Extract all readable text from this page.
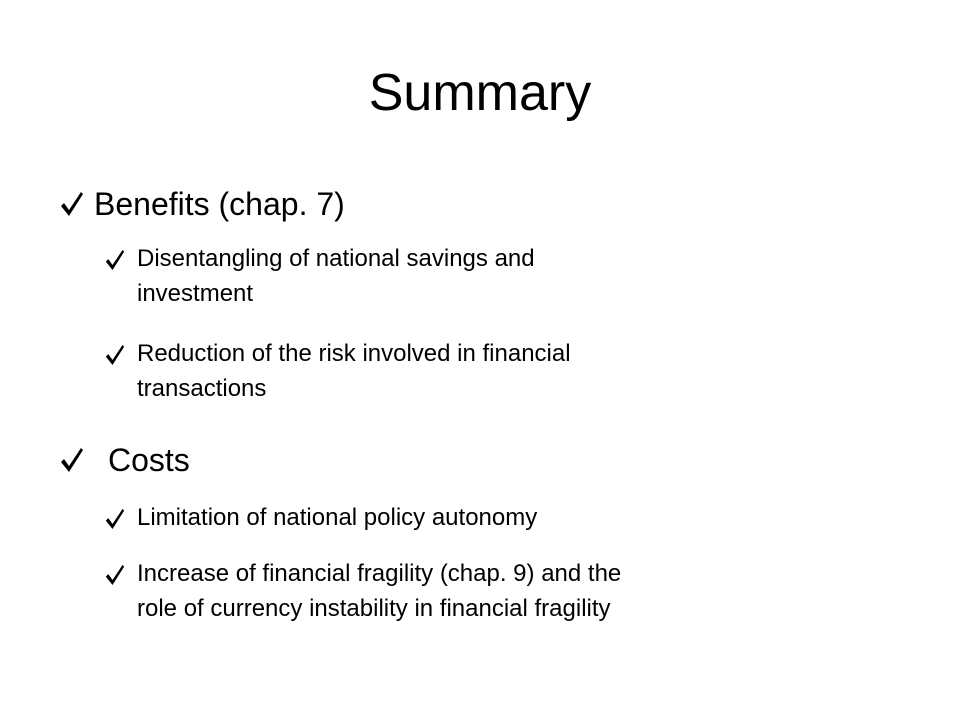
Summary
Benefits (chap. 7)
Disentangling of national savings and
investment
Reduction of the risk involved in financial
transactions
Costs
Limitation of national policy autonomy
Increase of financial fragility (chap. 9) and the
role of currency instability in financial fragility
